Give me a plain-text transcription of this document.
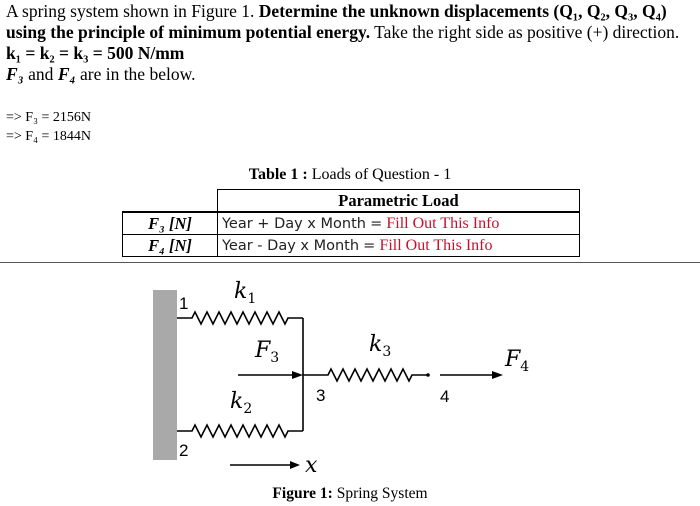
A spring system shown in Figure 1. Determine the unknown displacements (Q₁, Q₂, Q₃, Q₄) using the principle of minimum potential energy. Take the right side as positive (+) direction. k₁ = k₂ = k₃ = 500 N/mm
F₃ and F₄ are in the below.
=> F₃ = 2156N
=> F₄ = 1844N
Table 1 : Loads of Question - 1
	Parametric Load
F₃ [N]	Year + Day x Month = Fill Out This Info
F₄ [N]	Year - Day x Month = Fill Out This Info
$k_1$
$k_2$
$k_3$
$F_3$	$F_4$
x
1
2
3	4
Figure 1: Spring System
